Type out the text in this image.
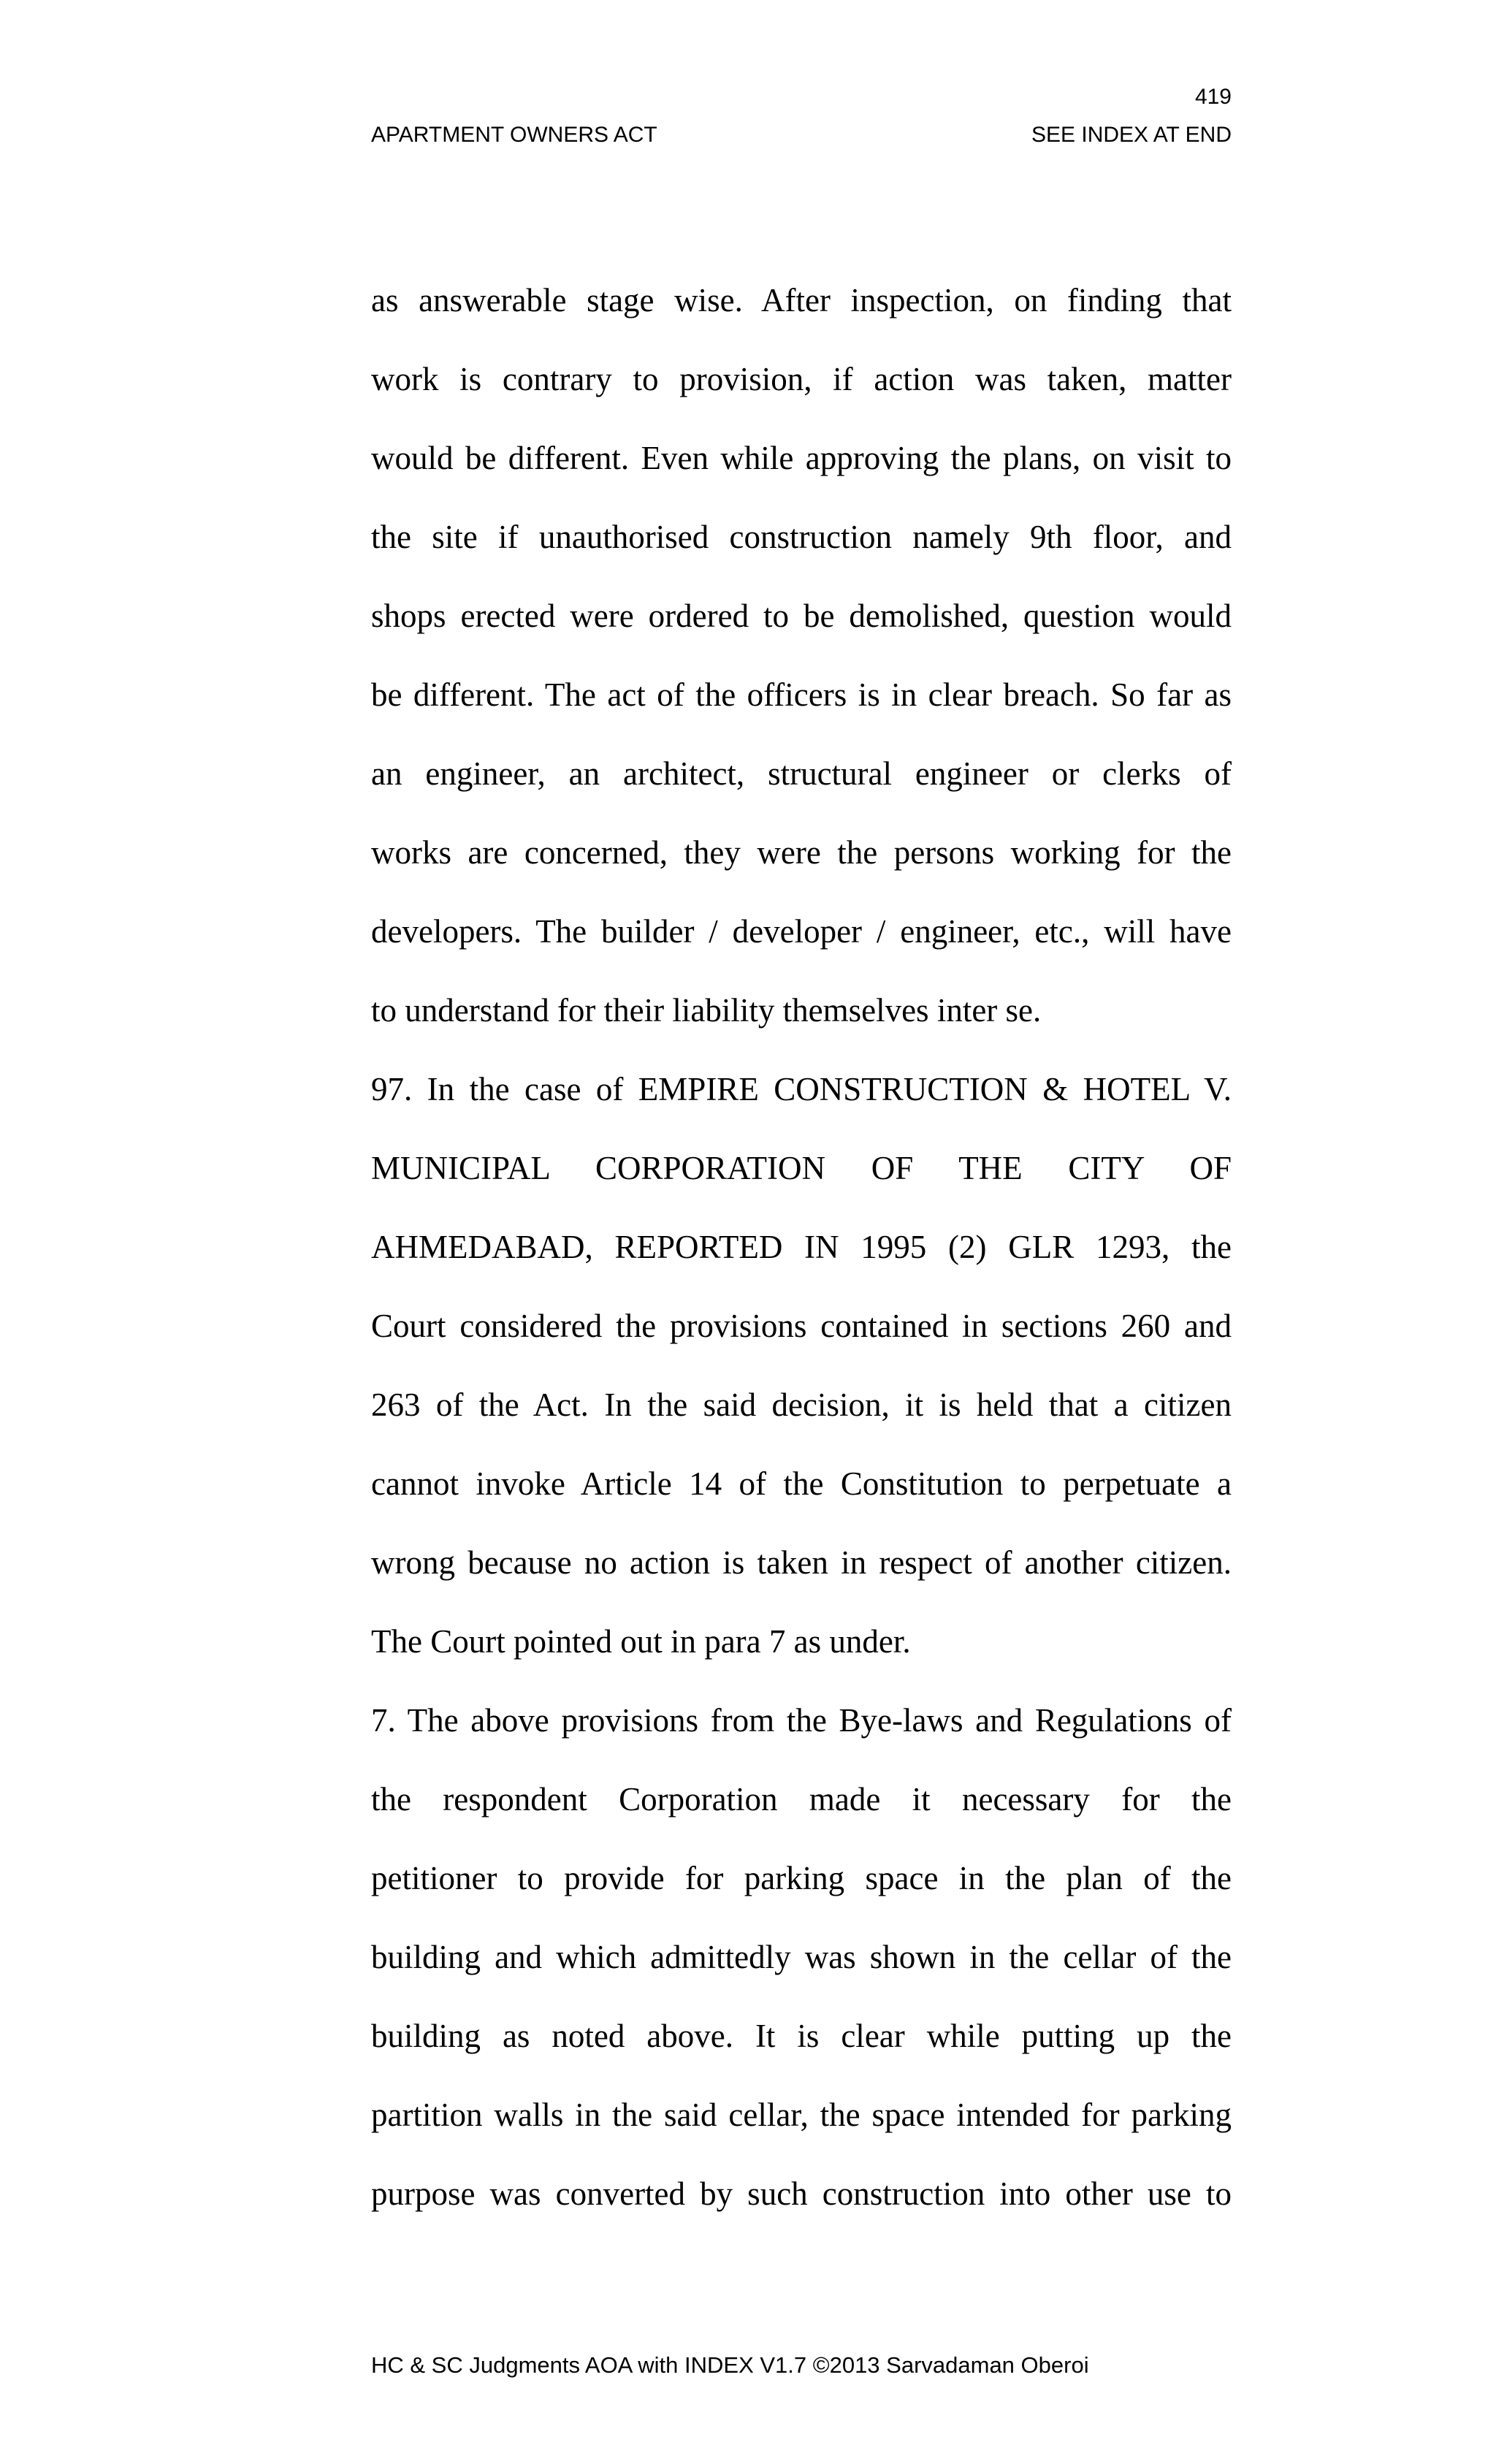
419
APARTMENT OWNERS ACT	SEE INDEX AT END
as answerable stage wise. After inspection, on finding that
work is contrary to provision, if action was taken, matter
would be different. Even while approving the plans, on visit to
the site if unauthorised construction namely 9th floor, and
shops erected were ordered to be demolished, question would
be different. The act of the officers is in clear breach. So far as
an engineer, an architect, structural engineer or clerks of
works are concerned, they were the persons working for the
developers. The builder / developer / engineer, etc., will have
to understand for their liability themselves inter se.
97. In the case of EMPIRE CONSTRUCTION & HOTEL V.
MUNICIPAL CORPORATION OF THE CITY OF
AHMEDABAD, REPORTED IN 1995 (2) GLR 1293, the
Court considered the provisions contained in sections 260 and
263 of the Act. In the said decision, it is held that a citizen
cannot invoke Article 14 of the Constitution to perpetuate a
wrong because no action is taken in respect of another citizen.
The Court pointed out in para 7 as under.
7. The above provisions from the Bye-laws and Regulations of
the respondent Corporation made it necessary for the
petitioner to provide for parking space in the plan of the
building and which admittedly was shown in the cellar of the
building as noted above. It is clear while putting up the
partition walls in the said cellar, the space intended for parking
purpose was converted by such construction into other use to
HC & SC Judgments AOA with INDEX V1.7 ©2013 Sarvadaman Oberoi
